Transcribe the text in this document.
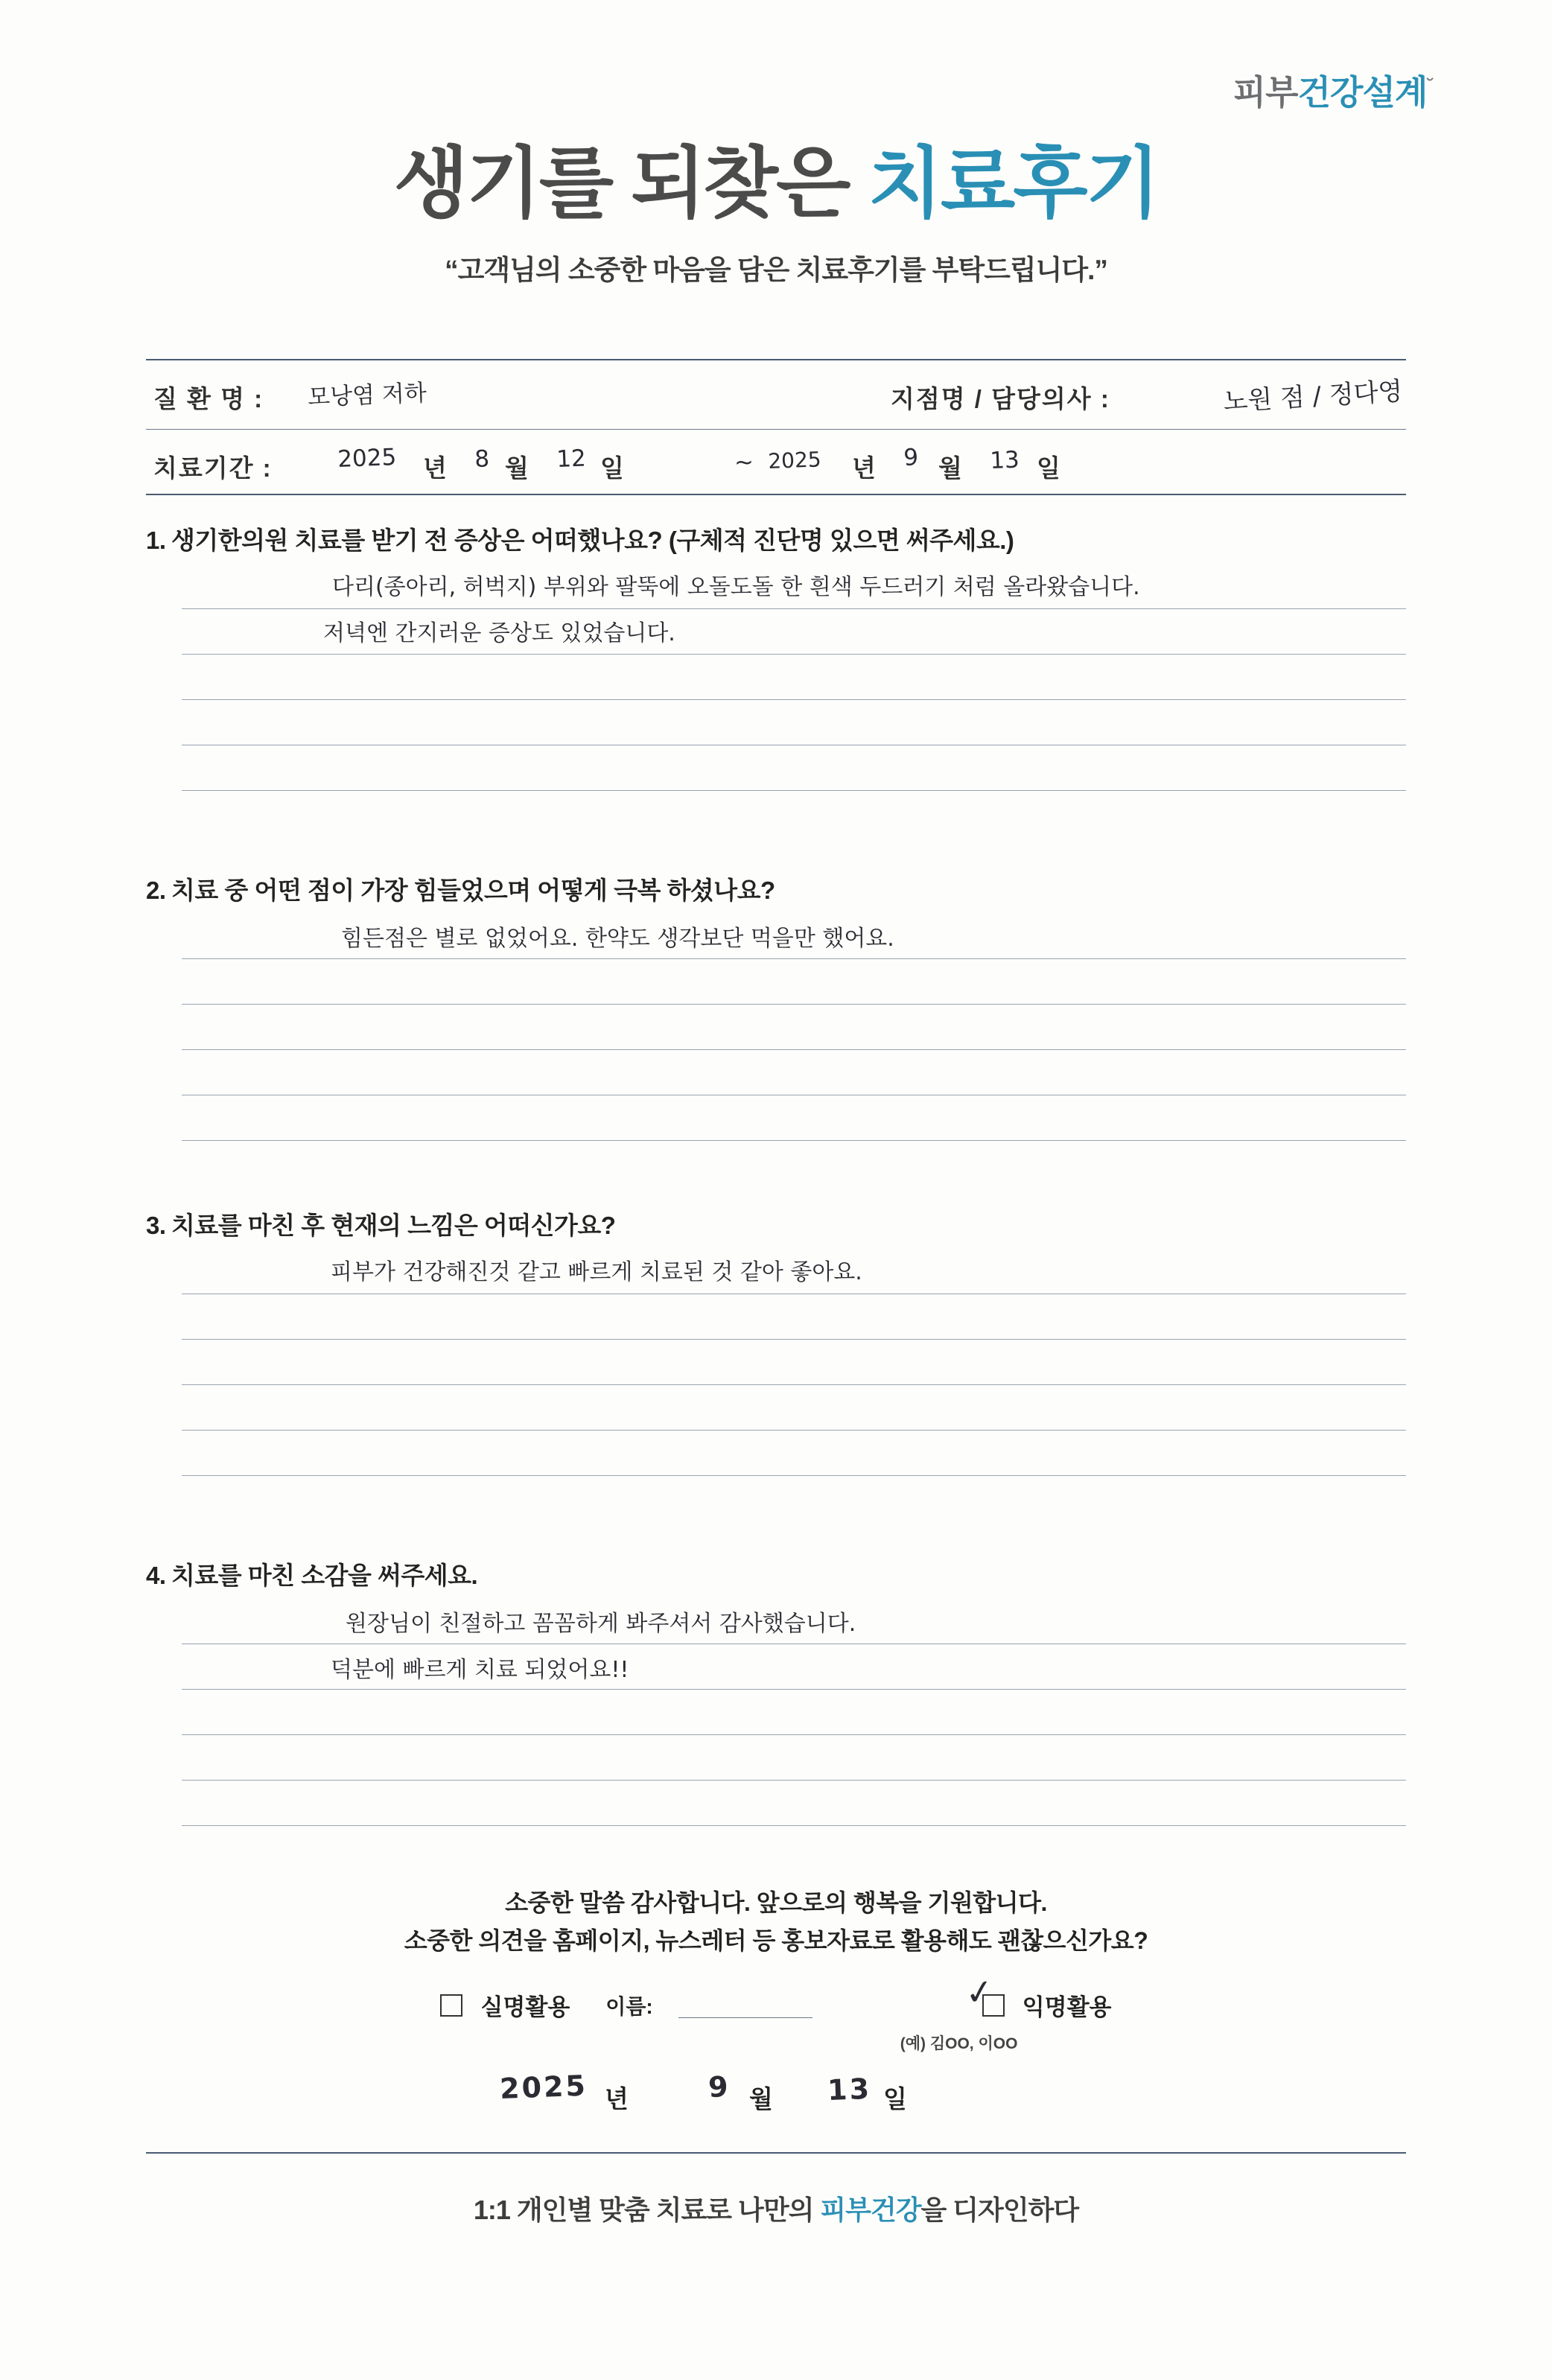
피부건강설계˘
생기를 되찾은 치료후기
“고객님의 소중한 마음을 담은 치료후기를 부탁드립니다.”
질 환 명 : 모낭염 저하	지점명 / 담당의사 :	노원 점 / 정다영
치료기간 :	2025 년 8 월 12 일	~ 2025 년 9 월 13 일
1. 생기한의원 치료를 받기 전 증상은 어떠했나요? (구체적 진단명 있으면 써주세요.)
다리(종아리, 허벅지) 부위와 팔뚝에 오돌도돌 한 흰색 두드러기 처럼 올라왔습니다.
저녁엔 간지러운 증상도 있었습니다.
2. 치료 중 어떤 점이 가장 힘들었으며 어떻게 극복 하셨나요?
힘든점은 별로 없었어요. 한약도 생각보단 먹을만 했어요.
3. 치료를 마친 후 현재의 느낌은 어떠신가요?
피부가 건강해진것 같고 빠르게 치료된 것 같아 좋아요.
4. 치료를 마친 소감을 써주세요.
원장님이 친절하고 꼼꼼하게 봐주셔서 감사했습니다.
덕분에 빠르게 치료 되었어요!!
소중한 말씀 감사합니다. 앞으로의 행복을 기원합니다.
소중한 의견을 홈페이지, 뉴스레터 등 홍보자료로 활용해도 괜찮으신가요?
실명활용 이름:	익명활용
✓
(예) 김OO, 이OO
2025 년	9 월 13 일
1:1 개인별 맞춤 치료로 나만의 피부건강을 디자인하다
